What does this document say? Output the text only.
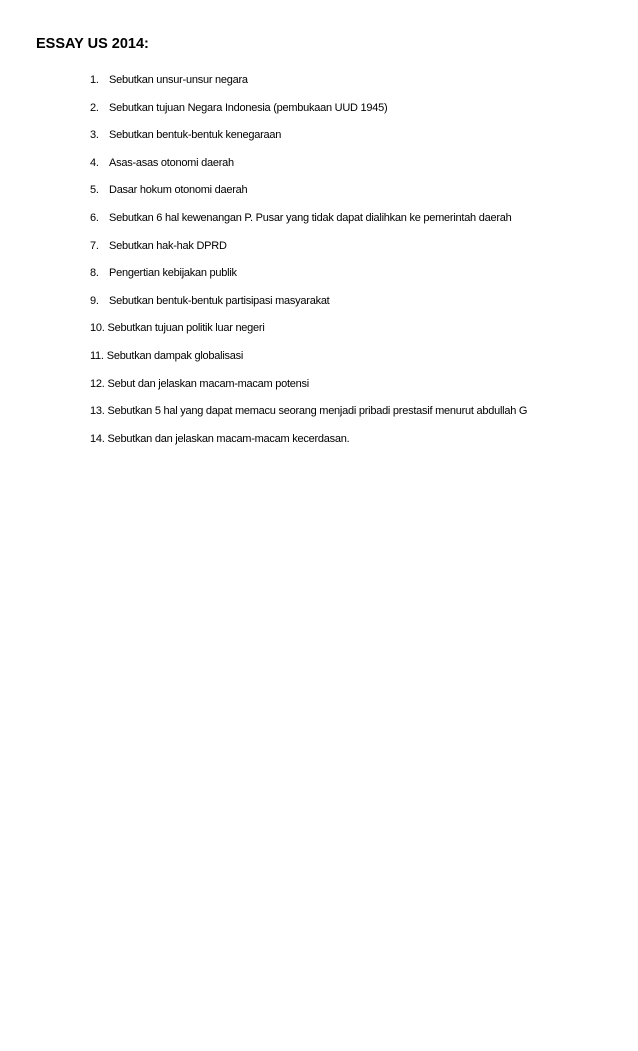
ESSAY US 2014:
1. Sebutkan unsur-unsur negara
2. Sebutkan tujuan Negara Indonesia (pembukaan UUD 1945)
3. Sebutkan bentuk-bentuk kenegaraan
4. Asas-asas otonomi daerah
5. Dasar hokum otonomi daerah
6. Sebutkan 6 hal kewenangan P. Pusar yang tidak dapat dialihkan ke pemerintah daerah
7. Sebutkan hak-hak DPRD
8. Pengertian kebijakan publik
9. Sebutkan bentuk-bentuk partisipasi masyarakat
10. Sebutkan tujuan politik luar negeri
11. Sebutkan dampak globalisasi
12. Sebut dan jelaskan macam-macam potensi
13. Sebutkan 5 hal yang dapat memacu seorang menjadi pribadi prestasif menurut abdullah G
14. Sebutkan dan jelaskan macam-macam kecerdasan.
